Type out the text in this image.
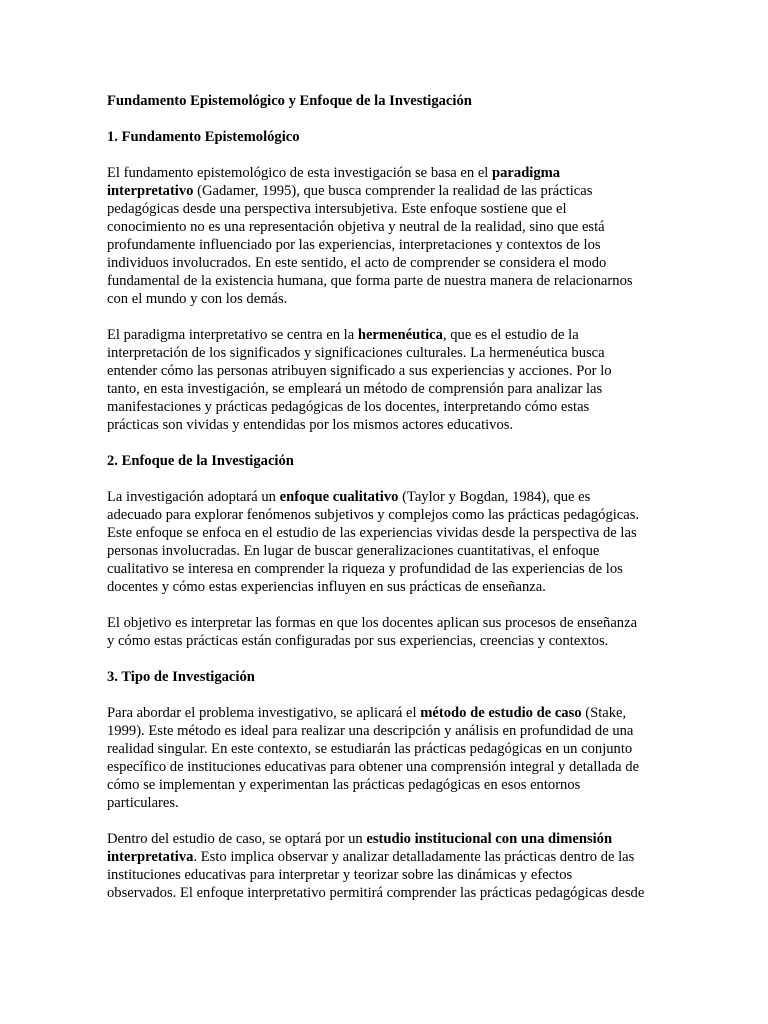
Fundamento Epistemológico y Enfoque de la Investigación
1. Fundamento Epistemológico
El fundamento epistemológico de esta investigación se basa en el paradigma
interpretativo (Gadamer, 1995), que busca comprender la realidad de las prácticas
pedagógicas desde una perspectiva intersubjetiva. Este enfoque sostiene que el
conocimiento no es una representación objetiva y neutral de la realidad, sino que está
profundamente influenciado por las experiencias, interpretaciones y contextos de los
individuos involucrados. En este sentido, el acto de comprender se considera el modo
fundamental de la existencia humana, que forma parte de nuestra manera de relacionarnos
con el mundo y con los demás.
El paradigma interpretativo se centra en la hermenéutica, que es el estudio de la
interpretación de los significados y significaciones culturales. La hermenéutica busca
entender cómo las personas atribuyen significado a sus experiencias y acciones. Por lo
tanto, en esta investigación, se empleará un método de comprensión para analizar las
manifestaciones y prácticas pedagógicas de los docentes, interpretando cómo estas
prácticas son vividas y entendidas por los mismos actores educativos.
2. Enfoque de la Investigación
La investigación adoptará un enfoque cualitativo (Taylor y Bogdan, 1984), que es
adecuado para explorar fenómenos subjetivos y complejos como las prácticas pedagógicas.
Este enfoque se enfoca en el estudio de las experiencias vividas desde la perspectiva de las
personas involucradas. En lugar de buscar generalizaciones cuantitativas, el enfoque
cualitativo se interesa en comprender la riqueza y profundidad de las experiencias de los
docentes y cómo estas experiencias influyen en sus prácticas de enseñanza.
El objetivo es interpretar las formas en que los docentes aplican sus procesos de enseñanza
y cómo estas prácticas están configuradas por sus experiencias, creencias y contextos.
3. Tipo de Investigación
Para abordar el problema investigativo, se aplicará el método de estudio de caso (Stake,
1999). Este método es ideal para realizar una descripción y análisis en profundidad de una
realidad singular. En este contexto, se estudiarán las prácticas pedagógicas en un conjunto
específico de instituciones educativas para obtener una comprensión integral y detallada de
cómo se implementan y experimentan las prácticas pedagógicas en esos entornos
particulares.
Dentro del estudio de caso, se optará por un estudio institucional con una dimensión
interpretativa. Esto implica observar y analizar detalladamente las prácticas dentro de las
instituciones educativas para interpretar y teorizar sobre las dinámicas y efectos
observados. El enfoque interpretativo permitirá comprender las prácticas pedagógicas desde
